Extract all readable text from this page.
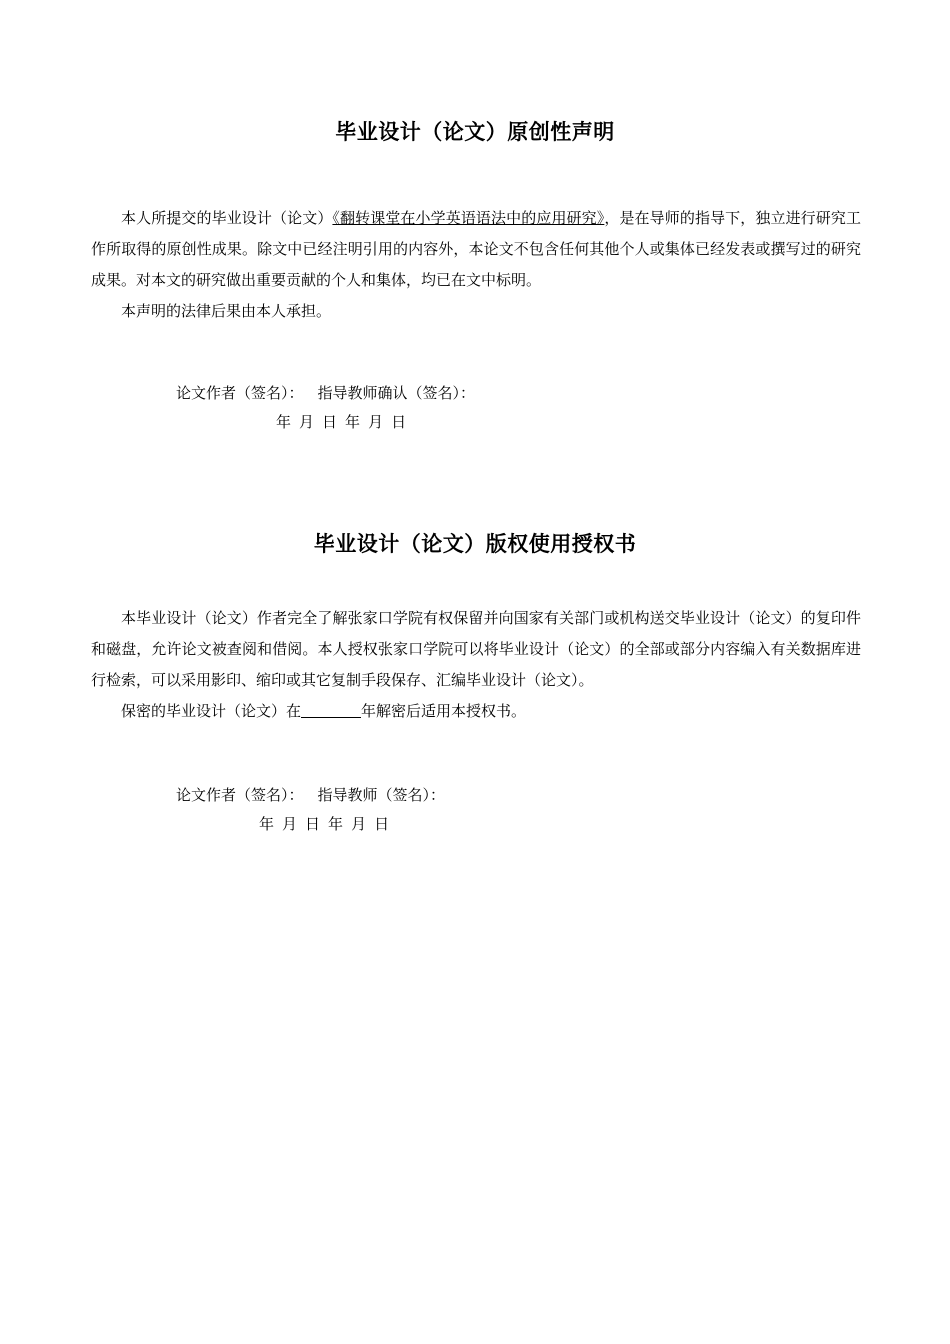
毕业设计（论文）原创性声明

本人所提交的毕业设计（论文）《翻转课堂在小学英语语法中的应用研究》，是在导师的指导下，独立进行研究工作所取得的原创性成果。除文中已经注明引用的内容外，本论文不包含任何其他个人或集体已经发表或撰写过的研究成果。对本文的研究做出重要贡献的个人和集体，均已在文中标明。

本声明的法律后果由本人承担。

论文作者（签名）： 指导教师确认（签名）：
年 月 日 年 月 日
毕业设计（论文）版权使用授权书

本毕业设计（论文）作者完全了解张家口学院有权保留并向国家有关部门或机构送交毕业设计（论文）的复印件和磁盘，允许论文被查阅和借阅。本人授权张家口学院可以将毕业设计（论文）的全部或部分内容编入有关数据库进行检索，可以采用影印、缩印或其它复制手段保存、汇编毕业设计（论文）。

保密的毕业设计（论文）在	年解密后适用本授权书。

论文作者（签名）： 指导教师（签名）：
年 月 日 年 月 日
